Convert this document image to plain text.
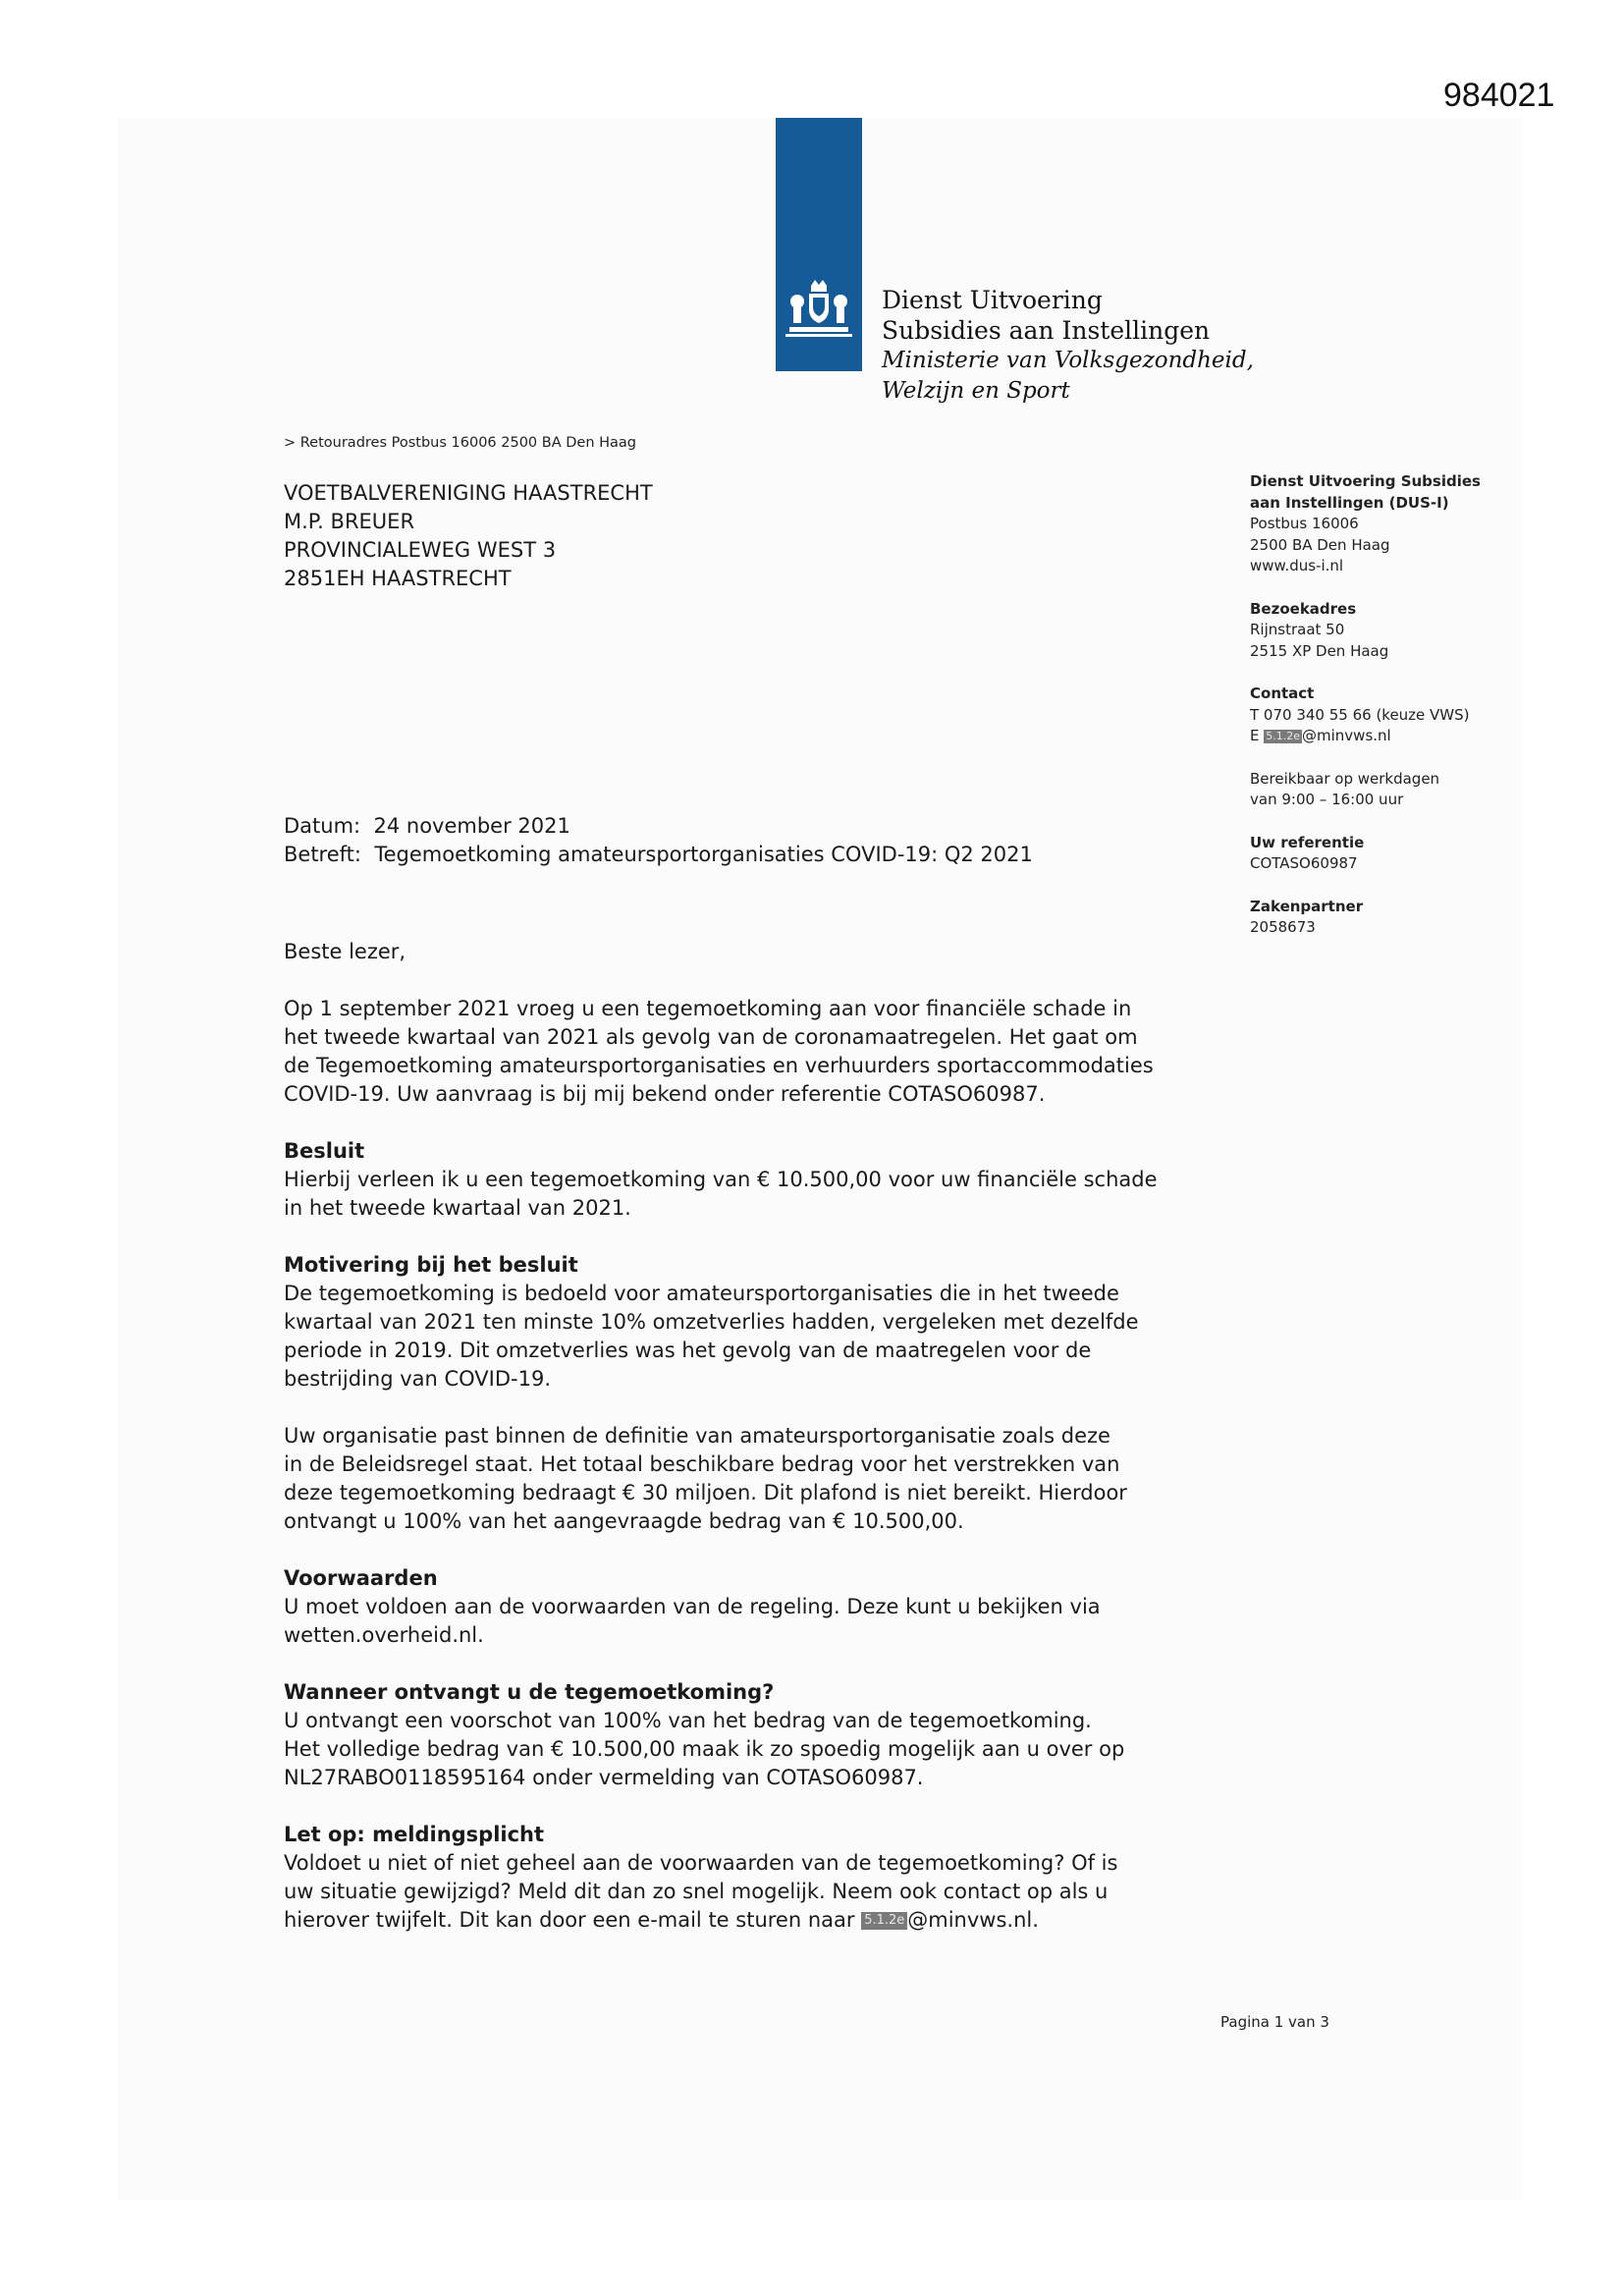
984021
Dienst Uitvoering
Subsidies aan Instellingen
Ministerie van Volksgezondheid,
Welzijn en Sport
> Retouradres Postbus 16006 2500 BA Den Haag
VOETBALVERENIGING HAASTRECHT
M.P. BREUER
PROVINCIALEWEG WEST 3
2851EH HAASTRECHT
Dienst Uitvoering Subsidies
aan Instellingen (DUS-I)
Postbus 16006
2500 BA Den Haag
www.dus-i.nl
Bezoekadres
Rijnstraat 50
2515 XP Den Haag
Contact
T 070 340 55 66 (keuze VWS)
E 5.1.2e @minvws.nl
Bereikbaar op werkdagen
van 9:00 – 16:00 uur
Uw referentie
COTASO60987
Zakenpartner
2058673
Datum: 24 november 2021
Betreft: Tegemoetkoming amateursportorganisaties COVID-19: Q2 2021

Beste lezer,

Op 1 september 2021 vroeg u een tegemoetkoming aan voor financiële schade in
het tweede kwartaal van 2021 als gevolg van de coronamaatregelen. Het gaat om
de Tegemoetkoming amateursportorganisaties en verhuurders sportaccommodaties
COVID-19. Uw aanvraag is bij mij bekend onder referentie COTASO60987.

Besluit

Hierbij verleen ik u een tegemoetkoming van € 10.500,00 voor uw financiële schade
in het tweede kwartaal van 2021.

Motivering bij het besluit

De tegemoetkoming is bedoeld voor amateursportorganisaties die in het tweede
kwartaal van 2021 ten minste 10% omzetverlies hadden, vergeleken met dezelfde
periode in 2019. Dit omzetverlies was het gevolg van de maatregelen voor de
bestrijding van COVID-19.

Uw organisatie past binnen de definitie van amateursportorganisatie zoals deze
in de Beleidsregel staat. Het totaal beschikbare bedrag voor het verstrekken van
deze tegemoetkoming bedraagt € 30 miljoen. Dit plafond is niet bereikt. Hierdoor
ontvangt u 100% van het aangevraagde bedrag van € 10.500,00.

Voorwaarden

U moet voldoen aan de voorwaarden van de regeling. Deze kunt u bekijken via
wetten.overheid.nl.

Wanneer ontvangt u de tegemoetkoming?

U ontvangt een voorschot van 100% van het bedrag van de tegemoetkoming.
Het volledige bedrag van € 10.500,00 maak ik zo spoedig mogelijk aan u over op
NL27RABO0118595164 onder vermelding van COTASO60987.

Let op: meldingsplicht

Voldoet u niet of niet geheel aan de voorwaarden van de tegemoetkoming? Of is
uw situatie gewijzigd? Meld dit dan zo snel mogelijk. Neem ook contact op als u
hierover twijfelt. Dit kan door een e-mail te sturen naar 5.1.2e @minvws.nl.

Pagina 1 van 3
